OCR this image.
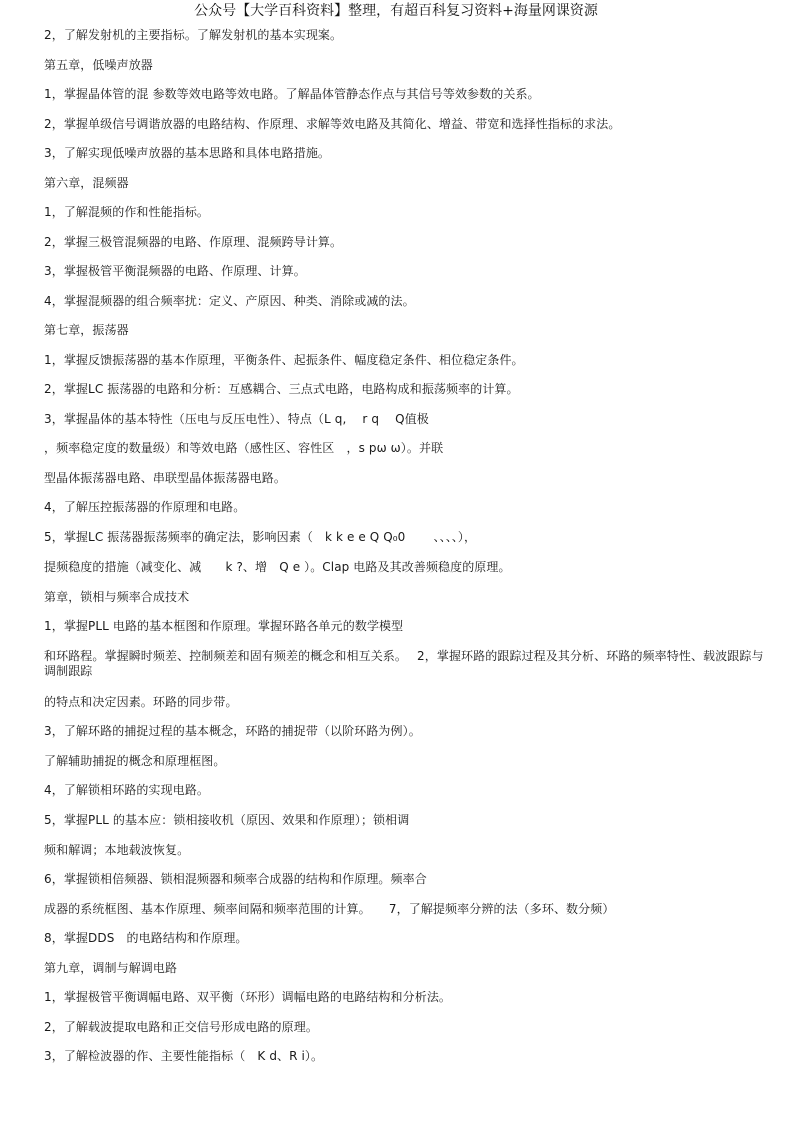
公众号【大学百科资料】整理，有超百科复习资料+海量网课资源
2，了解发射机的主要指标。了解发射机的基本实现案。
第五章，低噪声放器
1，掌握晶体管的混 参数等效电路等效电路。了解晶体管静态作点与其信号等效参数的关系。
2，掌握单级信号调谐放器的电路结构、作原理、求解等效电路及其简化、增益、带宽和选择性指标的求法。
3，了解实现低噪声放器的基本思路和具体电路措施。
第六章，混频器
1，了解混频的作和性能指标。
2，掌握三极管混频器的电路、作原理、混频跨导计算。
3，掌握极管平衡混频器的电路、作原理、计算。
4，掌握混频器的组合频率扰：定义、产原因、种类、消除或减的法。
第七章，振荡器
1，掌握反馈振荡器的基本作原理，平衡条件、起振条件、幅度稳定条件、相位稳定条件。
2，掌握LC 振荡器的电路和分析：互感耦合、三点式电路，电路构成和振荡频率的计算。
3，掌握晶体的基本特性（压电与反压电性）、特点（L q,　 r q　 Q值极
，频率稳定度的数量级）和等效电路（感性区、容性区　，s pω ω）。并联
型晶体振荡器电路、串联型晶体振荡器电路。
4，了解压控振荡器的作原理和电路。
5，掌握LC 振荡器振荡频率的确定法，影响因素（　k k e e Q Q₀0　　 、、、、），
提频稳度的措施（减变化、减　　k ?、增　Q e ）。Clap 电路及其改善频稳度的原理。
第章，锁相与频率合成技术
1，掌握PLL 电路的基本框图和作原理。掌握环路各单元的数学模型
和环路程。掌握瞬时频差、控制频差和固有频差的概念和相互关系。　 2，掌握环路的跟踪过程及其分析、环路的频率特性、载波跟踪与调制跟踪
的特点和决定因素。环路的同步带。
3，了解环路的捕捉过程的基本概念，环路的捕捉带（以阶环路为例）。
了解辅助捕捉的概念和原理框图。
4，了解锁相环路的实现电路。
5，掌握PLL 的基本应：锁相接收机（原因、效果和作原理）；锁相调
频和解调；本地载波恢复。
6，掌握锁相倍频器、锁相混频器和频率合成器的结构和作原理。频率合
成器的系统框图、基本作原理、频率间隔和频率范围的计算。　　7，了解提频率分辨的法（多环、数分频）
8，掌握DDS　的电路结构和作原理。
第九章，调制与解调电路
1，掌握极管平衡调幅电路、双平衡（环形）调幅电路的电路结构和分析法。
2，了解载波提取电路和正交信号形成电路的原理。
3，了解检波器的作、主要性能指标（　K d、R i）。
